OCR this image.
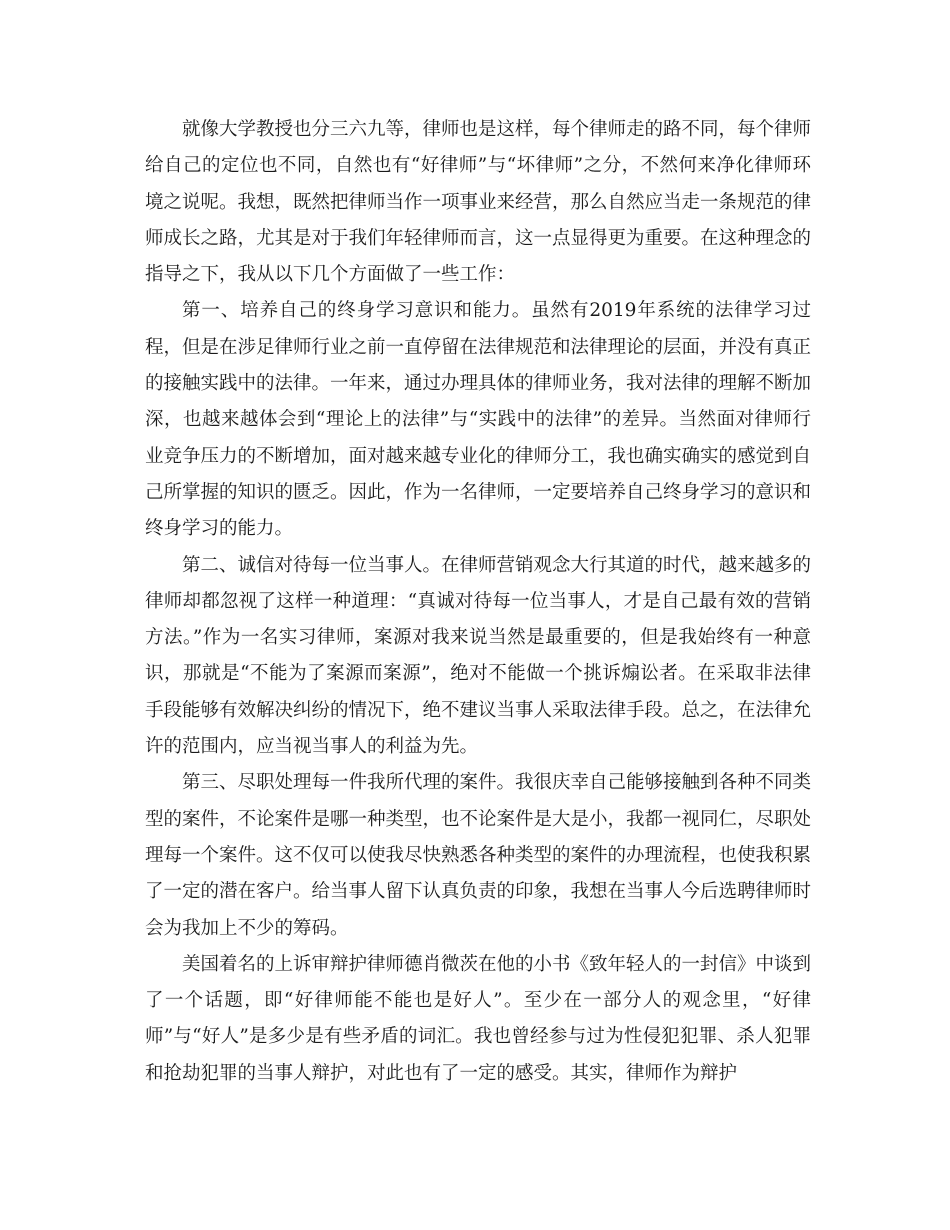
就像大学教授也分三六九等，律师也是这样，每个律师走的路不同，每个律师给自己的定位也不同，自然也有“好律师”与“坏律师”之分，不然何来净化律师环境之说呢。我想，既然把律师当作一项事业来经营，那么自然应当走一条规范的律师成长之路，尤其是对于我们年轻律师而言，这一点显得更为重要。在这种理念的指导之下，我从以下几个方面做了一些工作：

第一、培养自己的终身学习意识和能力。虽然有2019年系统的法律学习过程，但是在涉足律师行业之前一直停留在法律规范和法律理论的层面，并没有真正的接触实践中的法律。一年来，通过办理具体的律师业务，我对法律的理解不断加深，也越来越体会到“理论上的法律”与“实践中的法律”的差异。当然面对律师行业竞争压力的不断增加，面对越来越专业化的律师分工，我也确实确实的感觉到自己所掌握的知识的匮乏。因此，作为一名律师，一定要培养自己终身学习的意识和终身学习的能力。

第二、诚信对待每一位当事人。在律师营销观念大行其道的时代，越来越多的律师却都忽视了这样一种道理：“真诚对待每一位当事人，才是自己最有效的营销方法。”作为一名实习律师，案源对我来说当然是最重要的，但是我始终有一种意识，那就是“不能为了案源而案源”，绝对不能做一个挑诉煽讼者。在采取非法律手段能够有效解决纠纷的情况下，绝不建议当事人采取法律手段。总之，在法律允许的范围内，应当视当事人的利益为先。

第三、尽职处理每一件我所代理的案件。我很庆幸自己能够接触到各种不同类型的案件，不论案件是哪一种类型，也不论案件是大是小，我都一视同仁，尽职处理每一个案件。这不仅可以使我尽快熟悉各种类型的案件的办理流程，也使我积累了一定的潜在客户。给当事人留下认真负责的印象，我想在当事人今后选聘律师时会为我加上不少的筹码。

美国着名的上诉审辩护律师德肖微茨在他的小书《致年轻人的一封信》中谈到了一个话题，即“好律师能不能也是好人”。至少在一部分人的观念里，“好律师”与“好人”是多少是有些矛盾的词汇。我也曾经参与过为性侵犯犯罪、杀人犯罪和抢劫犯罪的当事人辩护，对此也有了一定的感受。其实，律师作为辩护
